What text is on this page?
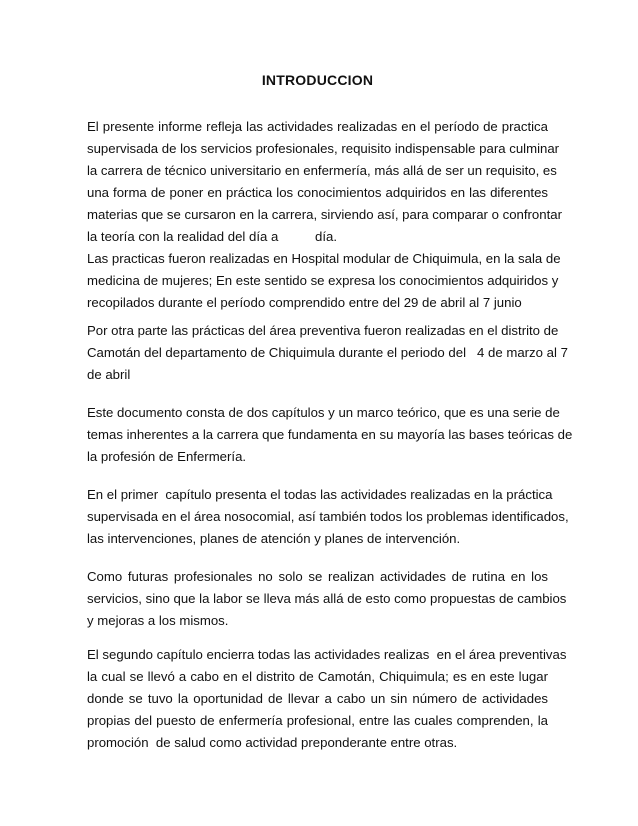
INTRODUCCION
El presente informe refleja las actividades realizadas en el período de practica
supervisada de los servicios profesionales, requisito indispensable para culminar
la carrera de técnico universitario en enfermería, más allá de ser un requisito, es
una forma de poner en práctica los conocimientos adquiridos en las diferentes
materias que se cursaron en la carrera, sirviendo así, para comparar o confrontar
la teoría con la realidad del día a          día.
Las practicas fueron realizadas en Hospital modular de Chiquimula, en la sala de
medicina de mujeres; En este sentido se expresa los conocimientos adquiridos y
recopilados durante el período comprendido entre del 29 de abril al 7 junio
Por otra parte las prácticas del área preventiva fueron realizadas en el distrito de
Camotán del departamento de Chiquimula durante el periodo del   4 de marzo al 7
de abril
Este documento consta de dos capítulos y un marco teórico, que es una serie de
temas inherentes a la carrera que fundamenta en su mayoría las bases teóricas de
la profesión de Enfermería.
En el primer  capítulo presenta el todas las actividades realizadas en la práctica
supervisada en el área nosocomial, así también todos los problemas identificados,
las intervenciones, planes de atención y planes de intervención.
Como futuras profesionales no solo se realizan actividades de rutina en los
servicios, sino que la labor se lleva más allá de esto como propuestas de cambios
y mejoras a los mismos.
El segundo capítulo encierra todas las actividades realizas  en el área preventivas
la cual se llevó a cabo en el distrito de Camotán, Chiquimula; es en este lugar
donde se tuvo la oportunidad de llevar a cabo un sin número de actividades
propias del puesto de enfermería profesional, entre las cuales comprenden, la
promoción  de salud como actividad preponderante entre otras.
